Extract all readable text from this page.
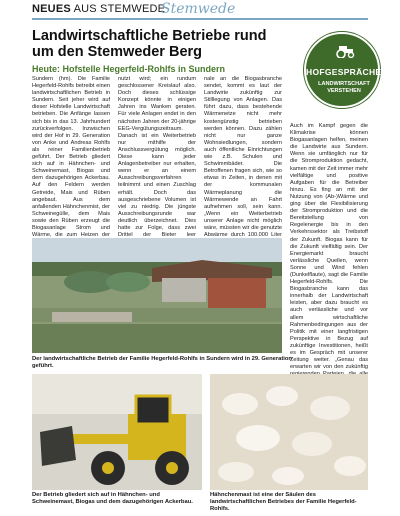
NEUES AUS STEMWEDE
Stemwede
Landwirtschaftliche Betriebe rund um den Stemweder Berg
Heute: Hofstelle Hegerfeld-Rohlfs in Sundern	HOFGESPRÄCHE
LANDWIRTSCHAFT VERSTEHEN

Sundern (hm). Die Familie Hegerfeld-Rohlfs betreibt einen landwirtschaftlichen Betrieb in Sundern. Seit jeher wird auf dieser Hofstelle Landwirtschaft betrieben. Die Anfänge lassen sich bis in das 13. Jahrhundert zurückverfolgen. Inzwischen wird der Hof in 29. Generation von Anke und Andreas Rohlfs als reiner Familienbetrieb geführt. Der Betrieb gliedert sich auf in Hähnchen- und Schweinemast, Biogas und dem dazugehörigen Ackerbau. Auf den Feldern werden Getreide, Mais und Rüben angebaut. Aus dem anfallenden Hähnchenmist, der Schweinegülle, dem Mais sowie den Rüben erzeugt die Biogasanlage Strom und Wärme, die zum Heizen der

nutzt wird; ein rundum geschlossener Kreislauf also. Doch dieses schlüssige Konzept könnte in einigen Jahren ins Wanken geraten. Für viele Anlagen endet in den nächsten Jahren der 20-jährige EEG-Vergütungszeitraum. Danach ist ein Weiterbetrieb nur mithilfe der Anschlussvergütung möglich. Diese kann jeder Anlagenbetreiber nur erhalten, wenn er an einem Ausschreibungsverfahren teilnimmt und einen Zuschlag erhält. Doch das ausgeschriebene Volumen ist viel zu niedrig. Die jüngste Ausschreibungsrunde war deutlich überzeichnet. Dies hatte zur Folge, dass zwei Drittel der Bieter leer

nale an die Biogasbranche sendet, kommt es laut der Landwirte zukünftig zur Stilllegung von Anlagen. Das führt dazu, dass bestehende Wärmenetze nicht mehr kostengünstig betrieben werden können. Dazu zählen nicht nur ganze Wohnsiedlungen, sondern auch öffentliche Einrichtungen wie z.B. Schulen und Schwimmbäder. Die Betroffenen fragen sich, wie so etwas in Zeiten, in denen mit der kommunalen Wärmeplanung die Wärmewende an Fahrt aufnehmen soll, sein kann. „Wenn ein Weiterbetrieb unserer Anlage nicht möglich wäre, müssten wir die genutzte Abwärme durch 100.000 Liter

Auch im Kampf gegen die Klimakrise können Biogasanlagen helfen, meinen die Landwirte aus Sundern. Wenn sie umfänglich nur für die Stromproduktion gedacht, kamen mit der Zeit immer mehr vielfältige und positive Aufgaben für die Betreiber hinzu. Es fing an mit der Nutzung von (Ab-)Wärme und ging über die Flexibilisierung der Stromproduktion und die Bereitstellung von Regelenergie bis in den Verkehrssektor als Treibstoff der Zukunft. Biogas kann für die Zukunft vielfältig sein. Der Energiemarkt braucht verlässliche Quellen, wenn Sonne und Wind fehlen (Dunkelflaute), sagt die Familie Hegerfeld-Rohlfs. Die Biogasbranche kann das innerhalb der Landwirtschaft leisten, aber dazu braucht es auch verlässliche und vor allem wirtschaftliche Rahmenbedingungen aus der Politik mit einer langfristigen Perspektive in Bezug auf zukünftige Investitionen, heißt es im Gespräch mit unserer Zeitung weiter. „Genau das erwarten wir von den zukünftig

Der landwirtschaftliche Betrieb der Familie Hegerfeld-Rohlfs in Sundern wird in 29. Generation geführt.
Der Betrieb gliedert sich auf in Hähnchen- und Schweinemast, Biogas und dem dazugehörigen Ackerbau.
Hähnchenmast ist eine der Säulen des landwirtschaftlichen Betriebes der Familie Hegerfeld-Rohlfs.
